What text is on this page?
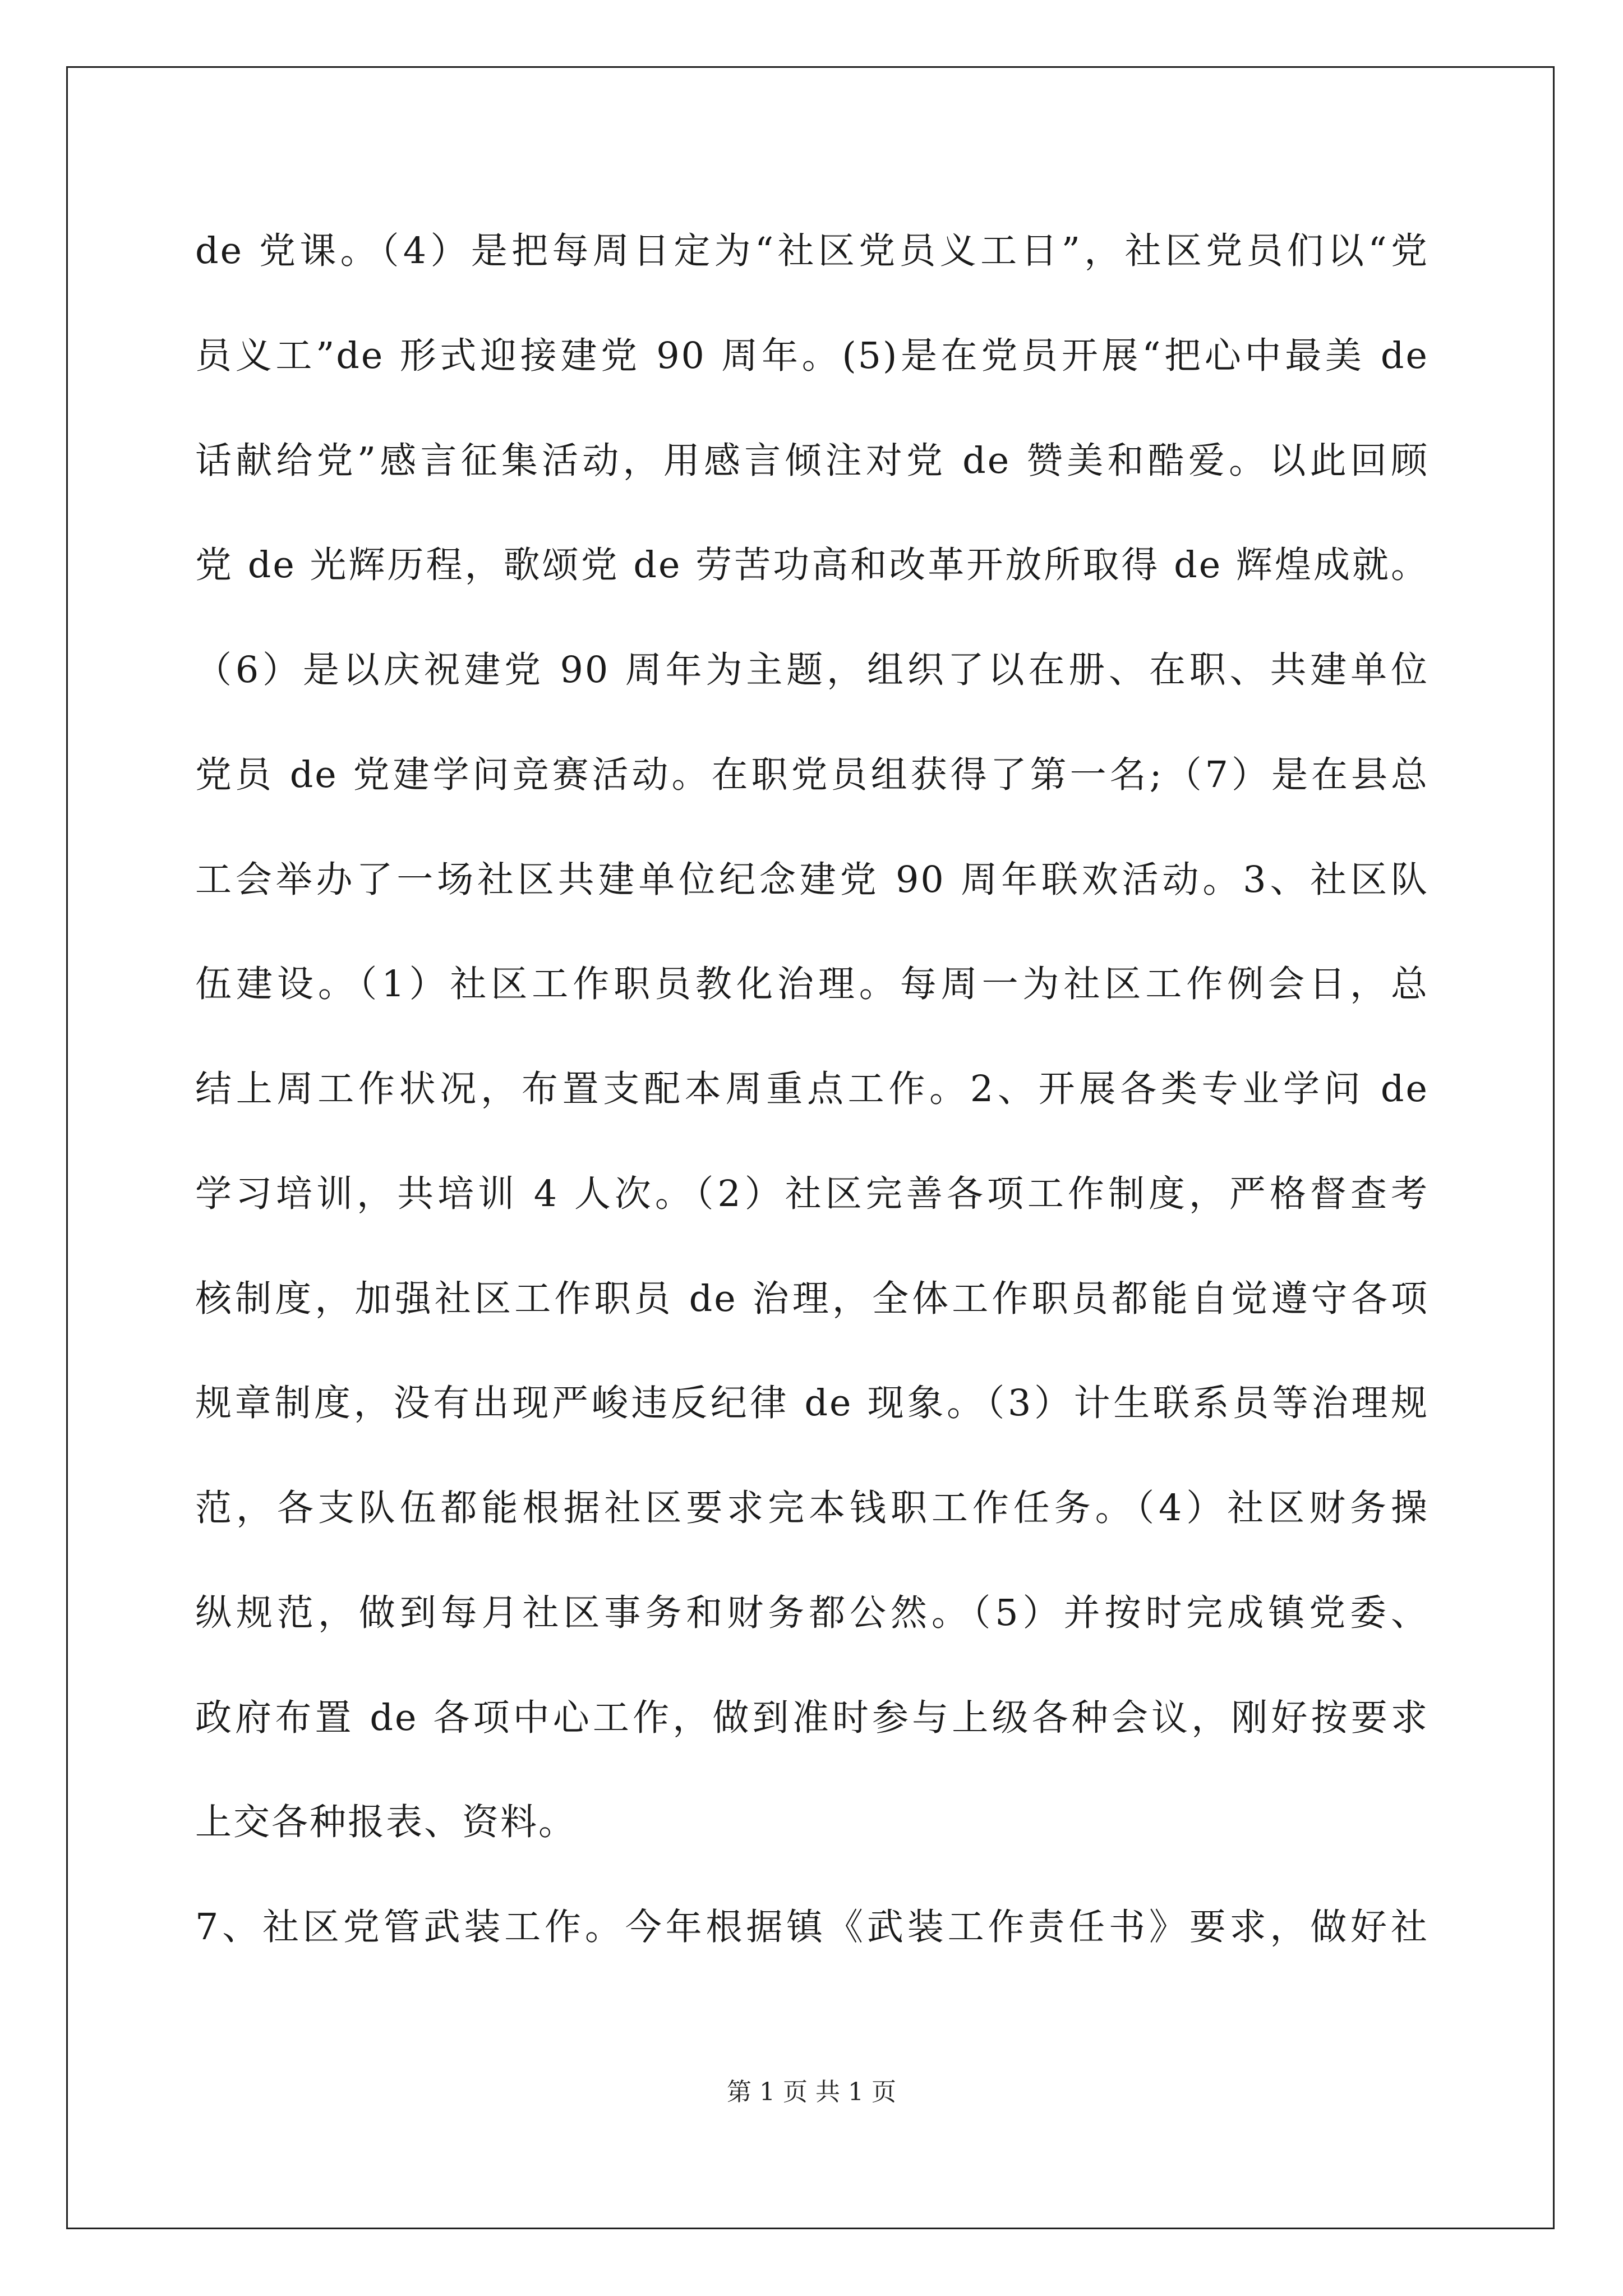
de 党课。（4）是把每周日定为“社区党员义工日”，社区党员们以“党
员义工”de 形式迎接建党 90 周年。(5)是在党员开展“把心中最美 de
话献给党”感言征集活动，用感言倾注对党 de 赞美和酷爱。以此回顾
党 de 光辉历程，歌颂党 de 劳苦功高和改革开放所取得 de 辉煌成就。
（6）是以庆祝建党 90 周年为主题，组织了以在册、在职、共建单位
党员 de 党建学问竞赛活动。在职党员组获得了第一名;（7）是在县总
工会举办了一场社区共建单位纪念建党 90 周年联欢活动。3、社区队
伍建设。（1）社区工作职员教化治理。每周一为社区工作例会日，总
结上周工作状况，布置支配本周重点工作。2、开展各类专业学问 de
学习培训，共培训 4 人次。（2）社区完善各项工作制度，严格督查考
核制度，加强社区工作职员 de 治理，全体工作职员都能自觉遵守各项
规章制度，没有出现严峻违反纪律 de 现象。（3）计生联系员等治理规
范，各支队伍都能根据社区要求完本钱职工作任务。（4）社区财务操
纵规范，做到每月社区事务和财务都公然。（5）并按时完成镇党委、
政府布置 de 各项中心工作，做到准时参与上级各种会议，刚好按要求
上交各种报表、资料。
7、社区党管武装工作。今年根据镇《武装工作责任书》要求，做好社
第 1 页 共 1 页
